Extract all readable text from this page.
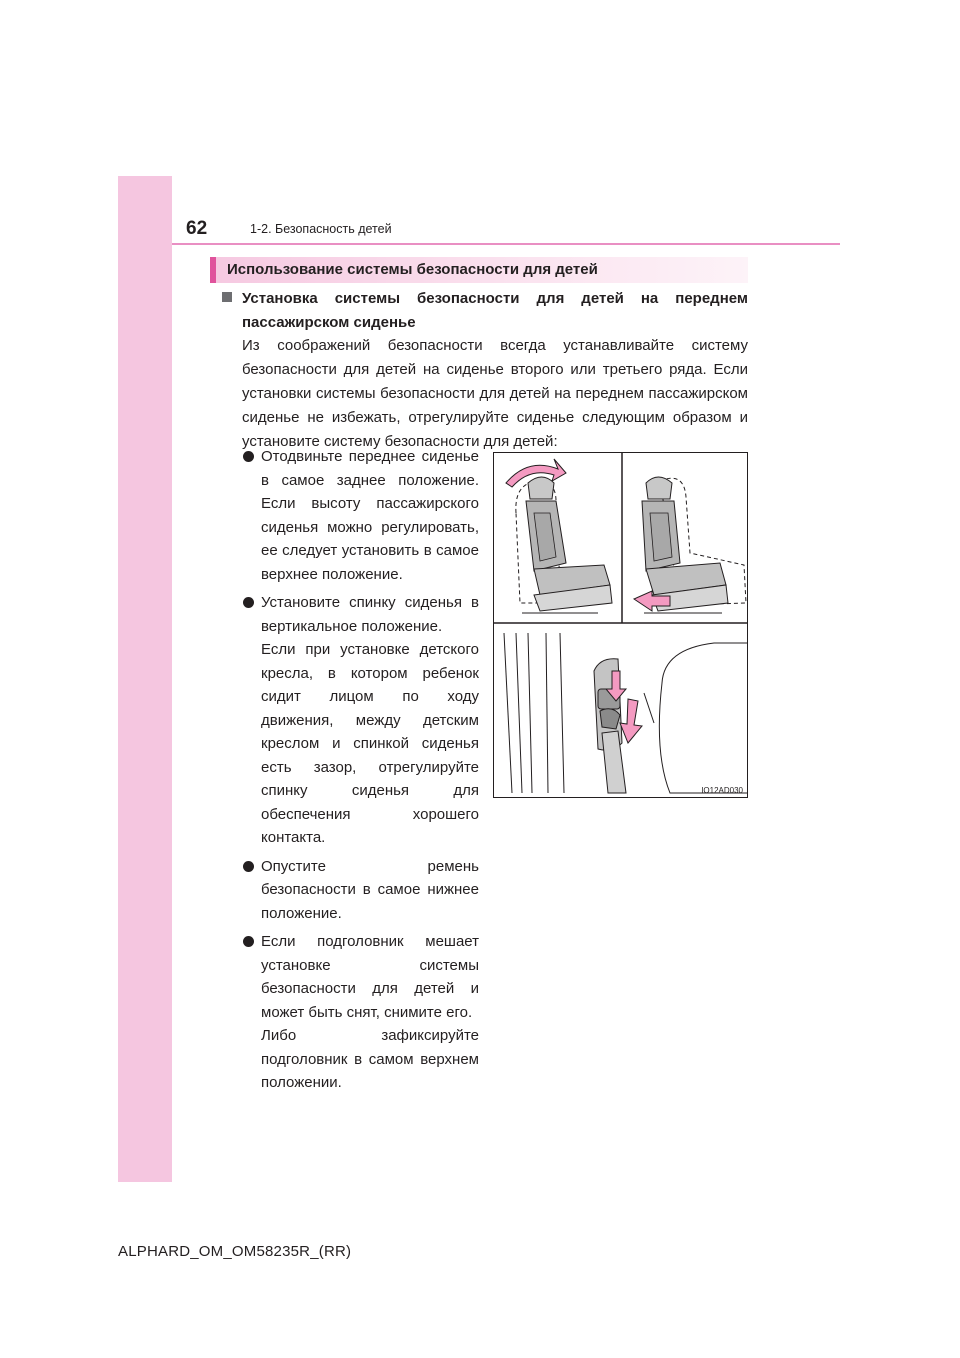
62	1-2. Безопасность детей
Использование системы безопасности для детей
Установка системы безопасности для детей на переднем пассажирском сиденье
Из соображений безопасности всегда устанавливайте систему безопасности для детей на сиденье второго или третьего ряда. Если установки системы безопасности для детей на переднем пассажирском сиденье не избежать, отрегулируйте сиденье следующим образом и установите систему безопасности для детей:

Отодвиньте переднее сиденье в самое заднее положение. Если высоту пассажирского сиденья можно регулировать, ее следует установить в самое верхнее положение.

Установите спинку сиденья в вертикальное положение.

Если при установке детского кресла, в котором ребенок сидит лицом по ходу движения, между детским креслом и спинкой сиденья есть зазор, отрегулируйте спинку сиденья для обеспечения хорошего контакта.

Опустите ремень безопасности в самое нижнее положение.

Если подголовник мешает установке системы безопасности для детей и может быть снят, снимите его.

Либо зафиксируйте подголовник в самом верхнем положении.

IO12AD030
ALPHARD_OM_OM58235R_(RR)
